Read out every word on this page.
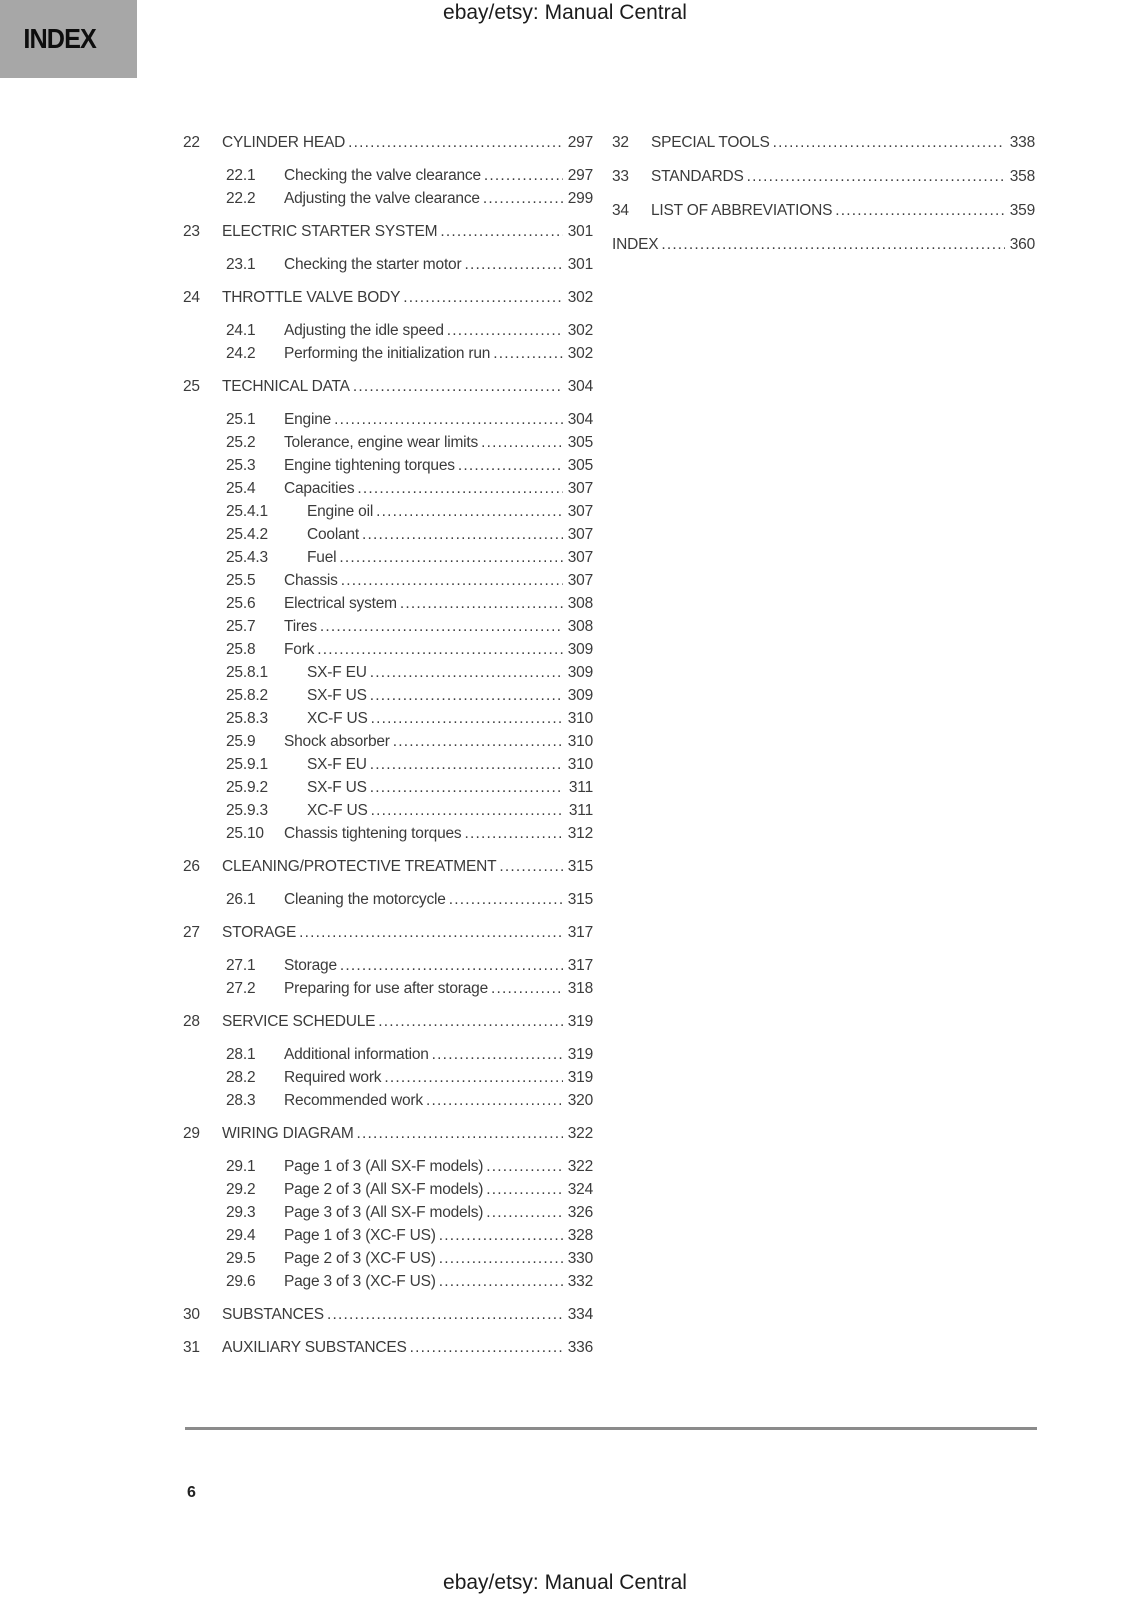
INDEX
ebay/etsy: Manual Central
22	CYLINDER HEAD .....	297
22.1	Checking the valve clearance .....	297
22.2	Adjusting the valve clearance .....	299
23	ELECTRIC STARTER SYSTEM .....	301
23.1	Checking the starter motor .....	301
24	THROTTLE VALVE BODY .....	302
24.1	Adjusting the idle speed .....	302
24.2	Performing the initialization run .....	302
25	TECHNICAL DATA .....	304
25.1	Engine .....	304
25.2	Tolerance, engine wear limits .....	305
25.3	Engine tightening torques .....	305
25.4	Capacities .....	307
25.4.1	Engine oil .....	307
25.4.2	Coolant .....	307
25.4.3	Fuel .....	307
25.5	Chassis .....	307
25.6	Electrical system .....	308
25.7	Tires .....	308
25.8	Fork .....	309
25.8.1	SX-F EU .....	309
25.8.2	SX-F US .....	309
25.8.3	XC-F US .....	310
25.9	Shock absorber .....	310
25.9.1	SX-F EU .....	310
25.9.2	SX-F US .....	311
25.9.3	XC-F US .....	311
25.10	Chassis tightening torques .....	312
26	CLEANING/PROTECTIVE TREATMENT .....	315
26.1	Cleaning the motorcycle .....	315
27	STORAGE .....	317
27.1	Storage .....	317
27.2	Preparing for use after storage .....	318
28	SERVICE SCHEDULE .....	319
28.1	Additional information .....	319
28.2	Required work .....	319
28.3	Recommended work .....	320
29	WIRING DIAGRAM .....	322
29.1	Page 1 of 3 (All SX-F models) .....	322
29.2	Page 2 of 3 (All SX-F models) .....	324
29.3	Page 3 of 3 (All SX-F models) .....	326
29.4	Page 1 of 3 (XC-F US) .....	328
29.5	Page 2 of 3 (XC-F US) .....	330
29.6	Page 3 of 3 (XC-F US) .....	332
30	SUBSTANCES .....	334
31	AUXILIARY SUBSTANCES .....	336
32	SPECIAL TOOLS .....	338
33	STANDARDS .....	358
34	LIST OF ABBREVIATIONS .....	359
INDEX .....	360
6
ebay/etsy: Manual Central
